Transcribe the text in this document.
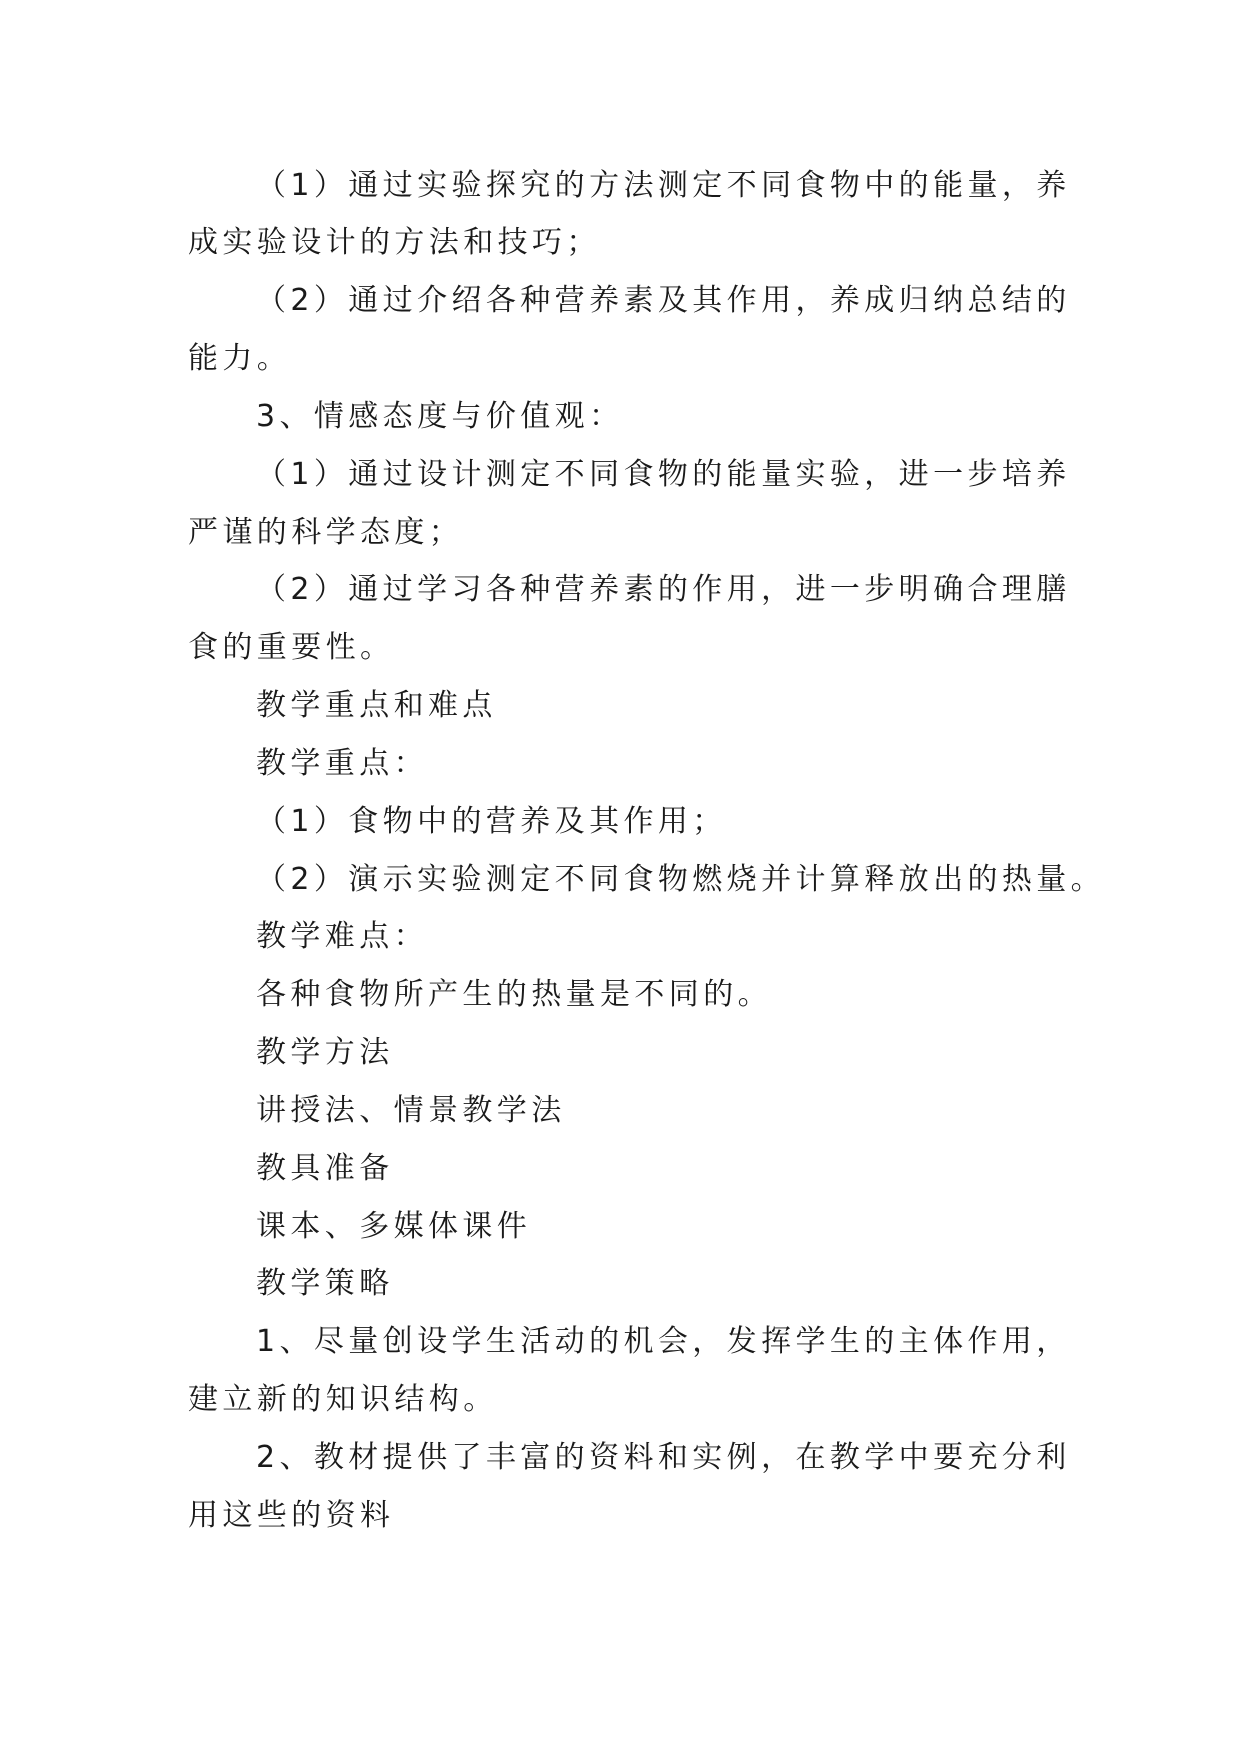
（1）通过实验探究的方法测定不同食物中的能量，养
成实验设计的方法和技巧；
（2）通过介绍各种营养素及其作用，养成归纳总结的
能力。
3、情感态度与价值观：
（1）通过设计测定不同食物的能量实验，进一步培养
严谨的科学态度；
（2）通过学习各种营养素的作用，进一步明确合理膳
食的重要性。
教学重点和难点
教学重点：
（1）食物中的营养及其作用；
（2）演示实验测定不同食物燃烧并计算释放出的热量。
教学难点：
各种食物所产生的热量是不同的。
教学方法
讲授法、情景教学法
教具准备
课本、多媒体课件
教学策略
1、尽量创设学生活动的机会，发挥学生的主体作用，
建立新的知识结构。
2、教材提供了丰富的资料和实例，在教学中要充分利
用这些的资料
